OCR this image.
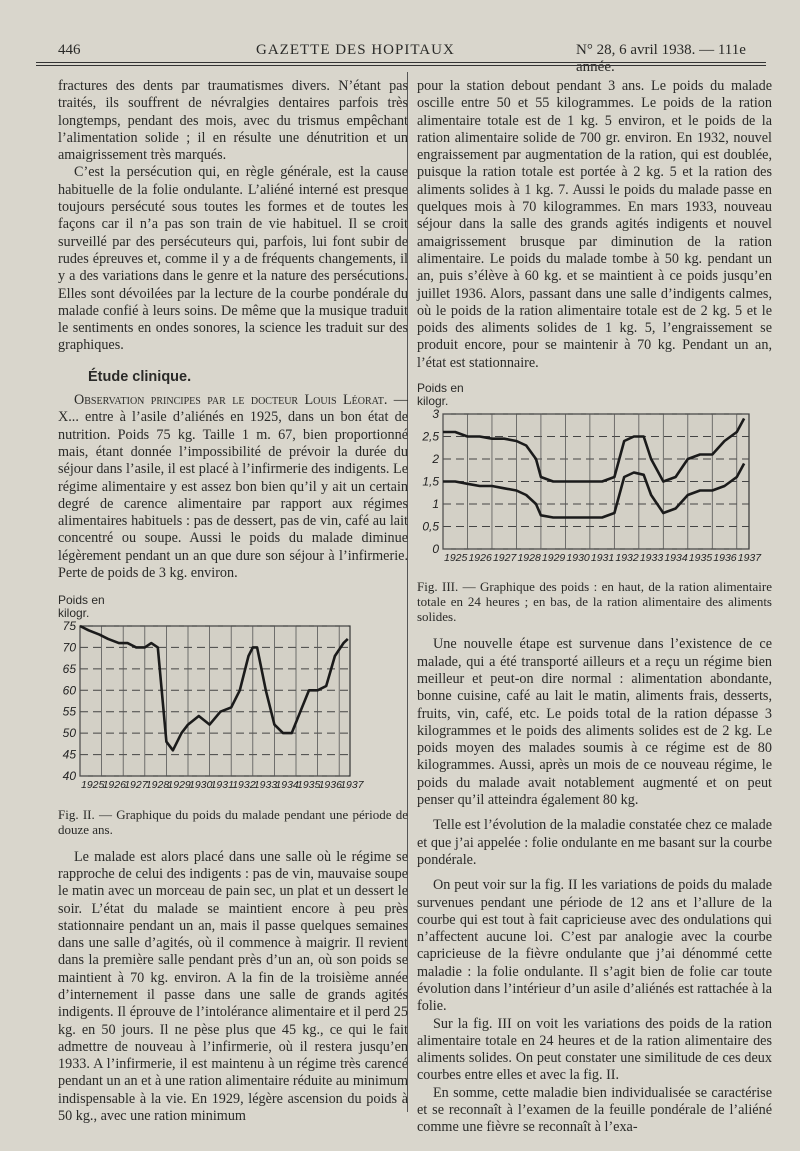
446	GAZETTE DES HOPITAUX	N° 28, 6 avril 1938. — 111e année.

fractures des dents par traumatismes divers. N’étant pas traités, ils souffrent de névralgies dentaires parfois très longtemps, pendant des mois, avec du trismus empêchant l’alimentation solide ; il en résulte une dénutrition et un amaigrissement très marqués.

C’est la persécution qui, en règle générale, est la cause habituelle de la folie ondulante. L’aliéné interné est presque toujours persécuté sous toutes les formes et de toutes les façons car il n’a pas son train de vie habituel. Il se croit surveillé par des persécuteurs qui, parfois, lui font subir de rudes épreuves et, comme il y a de fréquents changements, il y a des variations dans le genre et la nature des persécutions. Elles sont dévoilées par la lecture de la courbe pondérale du malade confié à leurs soins. De même que la musique traduit le sentiments en ondes sonores, la science les traduit sur des graphiques.

Étude clinique.

Observation principes par le docteur Louis Léorat. — X... entre à l’asile d’aliénés en 1925, dans un bon état de nutrition. Poids 75 kg. Taille 1 m. 67, bien proportionné mais, étant donnée l’impossibilité de prévoir la durée du séjour dans l’asile, il est placé à l’infirmerie des indigents. Le régime alimentaire y est assez bon bien qu’il y ait un certain degré de carence alimentaire par rapport aux régimes alimentaires habituels : pas de dessert, pas de vin, café au lait concentré ou soupe. Aussi le poids du malade diminue légèrement pendant un an que dure son séjour à l’infirmerie. Perte de poids de 3 kg. environ.

Poids en
kilogr.
40
45
50
55
60
65
70
75
1925
1926
1927
1928
1929
1930
1931
1932
1933
1934
1935
1936
1937
Fig. II. — Graphique du poids du malade pendant une période de douze ans.

Le malade est alors placé dans une salle où le régime se rapproche de celui des indigents : pas de vin, mauvaise soupe le matin avec un morceau de pain sec, un plat et un dessert le soir. L’état du malade se maintient encore à peu près stationnaire pendant un an, mais il passe quelques semaines dans une salle d’agités, où il commence à maigrir. Il revient dans la première salle pendant près d’un an, où son poids se maintient à 70 kg. environ. A la fin de la troisième année d’internement il passe dans une salle de grands agités indigents. Il éprouve de l’intolérance alimentaire et il perd 25 kg. en 50 jours. Il ne pèse plus que 45 kg., ce qui le fait admettre de nouveau à l’infirmerie, où il restera jusqu’en 1933. A l’infirmerie, il est maintenu à un régime très carencé pendant un an et à une ration alimentaire réduite au minimum indispensable à la vie. En 1929, légère ascension du poids à 50 kg., avec une ration minimum

pour la station debout pendant 3 ans. Le poids du malade oscille entre 50 et 55 kilogrammes. Le poids de la ration alimentaire totale est de 1 kg. 5 environ, et le poids de la ration alimentaire solide de 700 gr. environ. En 1932, nouvel engraissement par augmentation de la ration, qui est doublée, puisque la ration totale est portée à 2 kg. 5 et la ration des aliments solides à 1 kg. 7. Aussi le poids du malade passe en quelques mois à 70 kilogrammes. En mars 1933, nouveau séjour dans la salle des grands agités indigents et nouvel amaigrissement brusque par diminution de la ration alimentaire. Le poids du malade tombe à 50 kg. pendant un an, puis s’élève à 60 kg. et se maintient à ce poids jusqu’en juillet 1936. Alors, passant dans une salle d’indigents calmes, où le poids de la ration alimentaire totale est de 2 kg. 5 et le poids des aliments solides de 1 kg. 5, l’engraissement se produit encore, pour se maintenir à 70 kg. Pendant un an, l’état est stationnaire.

Poids en
kilogr.
0
0,5
1
1,5
2
2,5
3
1925 1926 1927 1928 1929 1930 1931 1932 1933 1934 1935 1936 1937
Fig. III. — Graphique des poids : en haut, de la ration alimentaire totale en 24 heures ; en bas, de la ration alimentaire des aliments solides.

Une nouvelle étape est survenue dans l’existence de ce malade, qui a été transporté ailleurs et a reçu un régime bien meilleur et peut-on dire normal : alimentation abondante, bonne cuisine, café au lait le matin, aliments frais, desserts, fruits, vin, café, etc. Le poids total de la ration dépasse 3 kilogrammes et le poids des aliments solides est de 2 kg. Le poids moyen des malades soumis à ce régime est de 80 kilogrammes. Aussi, après un mois de ce nouveau régime, le poids du malade avait notablement augmenté et on peut penser qu’il atteindra également 80 kg.

Telle est l’évolution de la maladie constatée chez ce malade et que j’ai appelée : folie ondulante en me basant sur la courbe pondérale.

On peut voir sur la fig. II les variations de poids du malade survenues pendant une période de 12 ans et l’allure de la courbe qui est tout à fait capricieuse avec des ondulations qui n’affectent aucune loi. C’est par analogie avec la courbe capricieuse de la fièvre ondulante que j’ai dénommé cette maladie : la folie ondulante. Il s’agit bien de folie car toute évolution dans l’intérieur d’un asile d’aliénés est rattachée à la folie.

Sur la fig. III on voit les variations des poids de la ration alimentaire totale en 24 heures et de la ration alimentaire des aliments solides. On peut constater une similitude de ces deux courbes entre elles et avec la fig. II.

En somme, cette maladie bien individualisée se caractérise et se reconnaît à l’examen de la feuille pondérale de l’aliéné comme une fièvre se reconnaît à l’exa-
